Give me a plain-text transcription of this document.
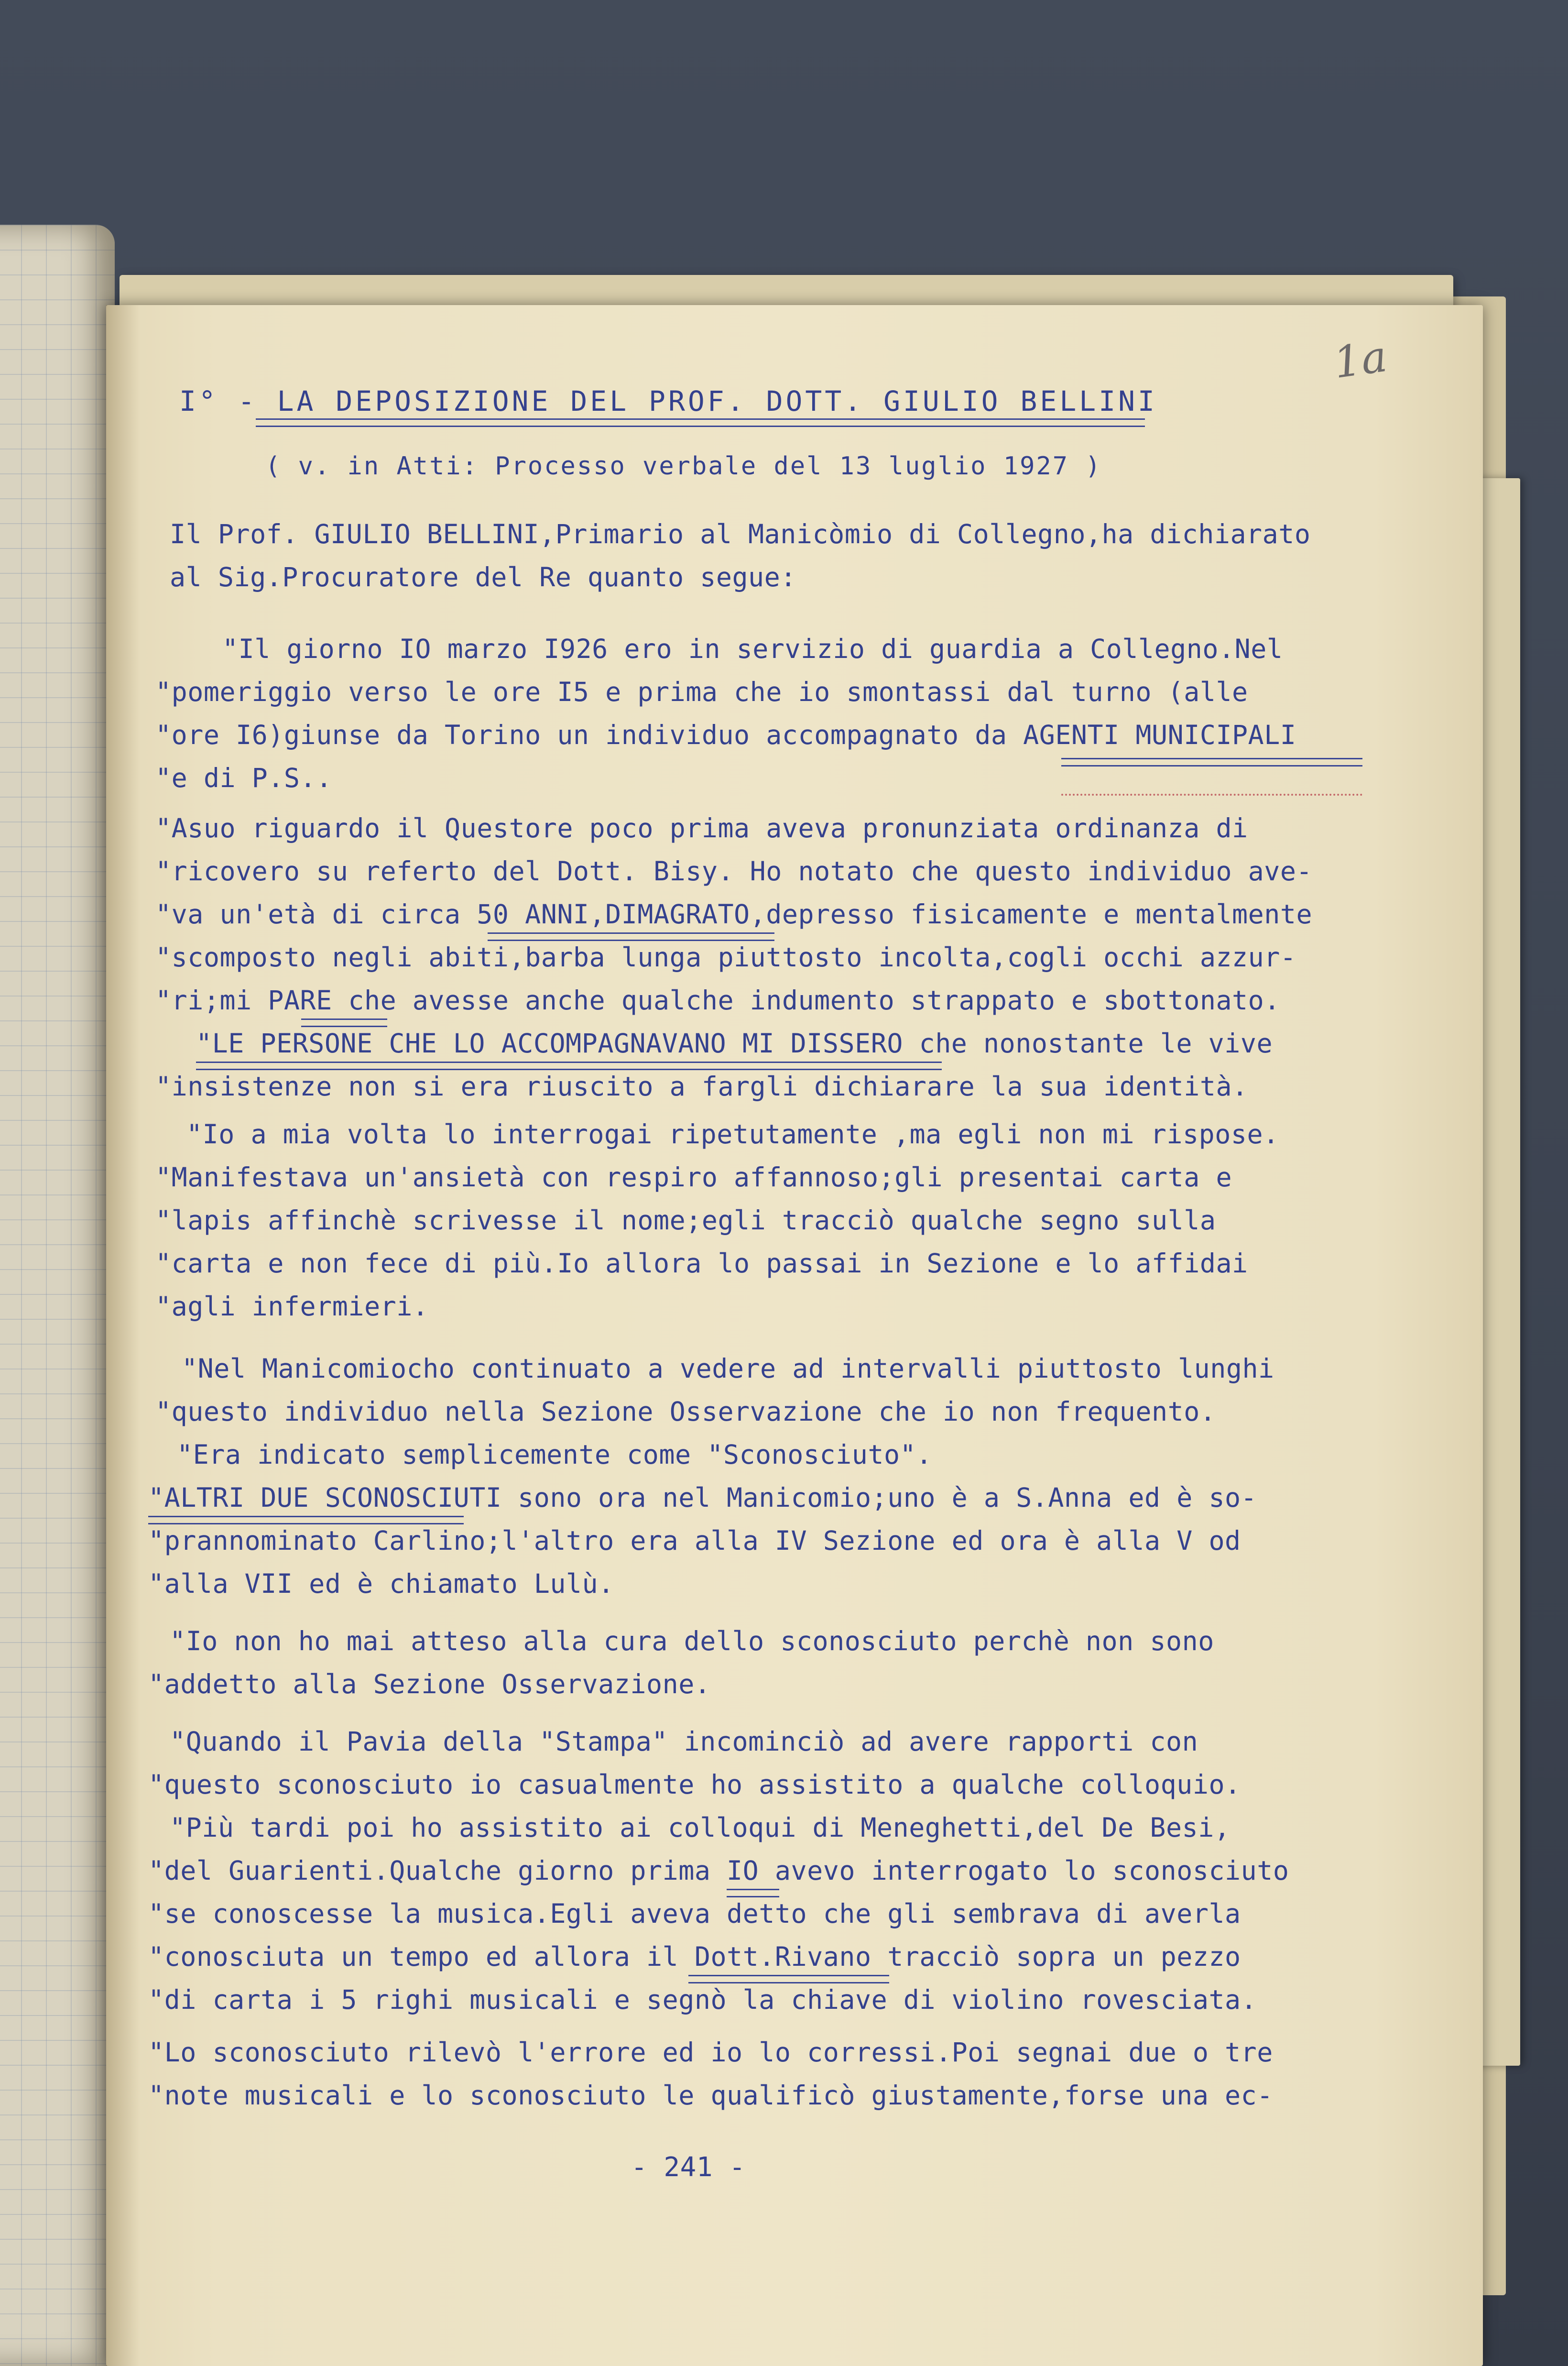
1a
I° - LA DEPOSIZIONE DEL PROF. DOTT. GIULIO BELLINI
( v. in Atti: Processo verbale del 13 luglio 1927 )
Il Prof. GIULIO BELLINI,Primario al Manicòmio di Collegno,ha dichiarato
al Sig.Procuratore del Re quanto segue:
"Il giorno IO marzo I926 ero in servizio di guardia a Collegno.Nel
"pomeriggio verso le ore I5 e prima che io smontassi dal turno (alle
"ore I6)giunse da Torino un individuo accompagnato da AGENTI MUNICIPALI
"e di P.S..
"Asuo riguardo il Questore poco prima aveva pronunziata ordinanza di
"ricovero su referto del Dott. Bisy. Ho notato che questo individuo ave-
"va un'età di circa 50 ANNI,DIMAGRATO,depresso fisicamente e mentalmente
"scomposto negli abiti,barba lunga piuttosto incolta,cogli occhi azzur-
"ri;mi PARE che avesse anche qualche indumento strappato e sbottonato.
"LE PERSONE CHE LO ACCOMPAGNAVANO MI DISSERO che nonostante le vive
"insistenze non si era riuscito a fargli dichiarare la sua identità.
"Io a mia volta lo interrogai ripetutamente ,ma egli non mi rispose.
"Manifestava un'ansietà con respiro affannoso;gli presentai carta e
"lapis affinchè scrivesse il nome;egli tracciò qualche segno sulla
"carta e non fece di più.Io allora lo passai in Sezione e lo affidai
"agli infermieri.
"Nel Manicomiocho continuato a vedere ad intervalli piuttosto lunghi
"questo individuo nella Sezione Osservazione che io non frequento.
"Era indicato semplicemente come "Sconosciuto".
"ALTRI DUE SCONOSCIUTI sono ora nel Manicomio;uno è a S.Anna ed è so-
"prannominato Carlino;l'altro era alla IV Sezione ed ora è alla V od
"alla VII ed è chiamato Lulù.
"Io non ho mai atteso alla cura dello sconosciuto perchè non sono
"addetto alla Sezione Osservazione.
"Quando il Pavia della "Stampa" incominciò ad avere rapporti con
"questo sconosciuto io casualmente ho assistito a qualche colloquio.
"Più tardi poi ho assistito ai colloqui di Meneghetti,del De Besi,
"del Guarienti.Qualche giorno prima IO avevo interrogato lo sconosciuto
"se conoscesse la musica.Egli aveva detto che gli sembrava di averla
"conosciuta un tempo ed allora il Dott.Rivano tracciò sopra un pezzo
"di carta i 5 righi musicali e segnò la chiave di violino rovesciata.
"Lo sconosciuto rilevò l'errore ed io lo corressi.Poi segnai due o tre
"note musicali e lo sconosciuto le qualificò giustamente,forse una ec-
- 241 -
